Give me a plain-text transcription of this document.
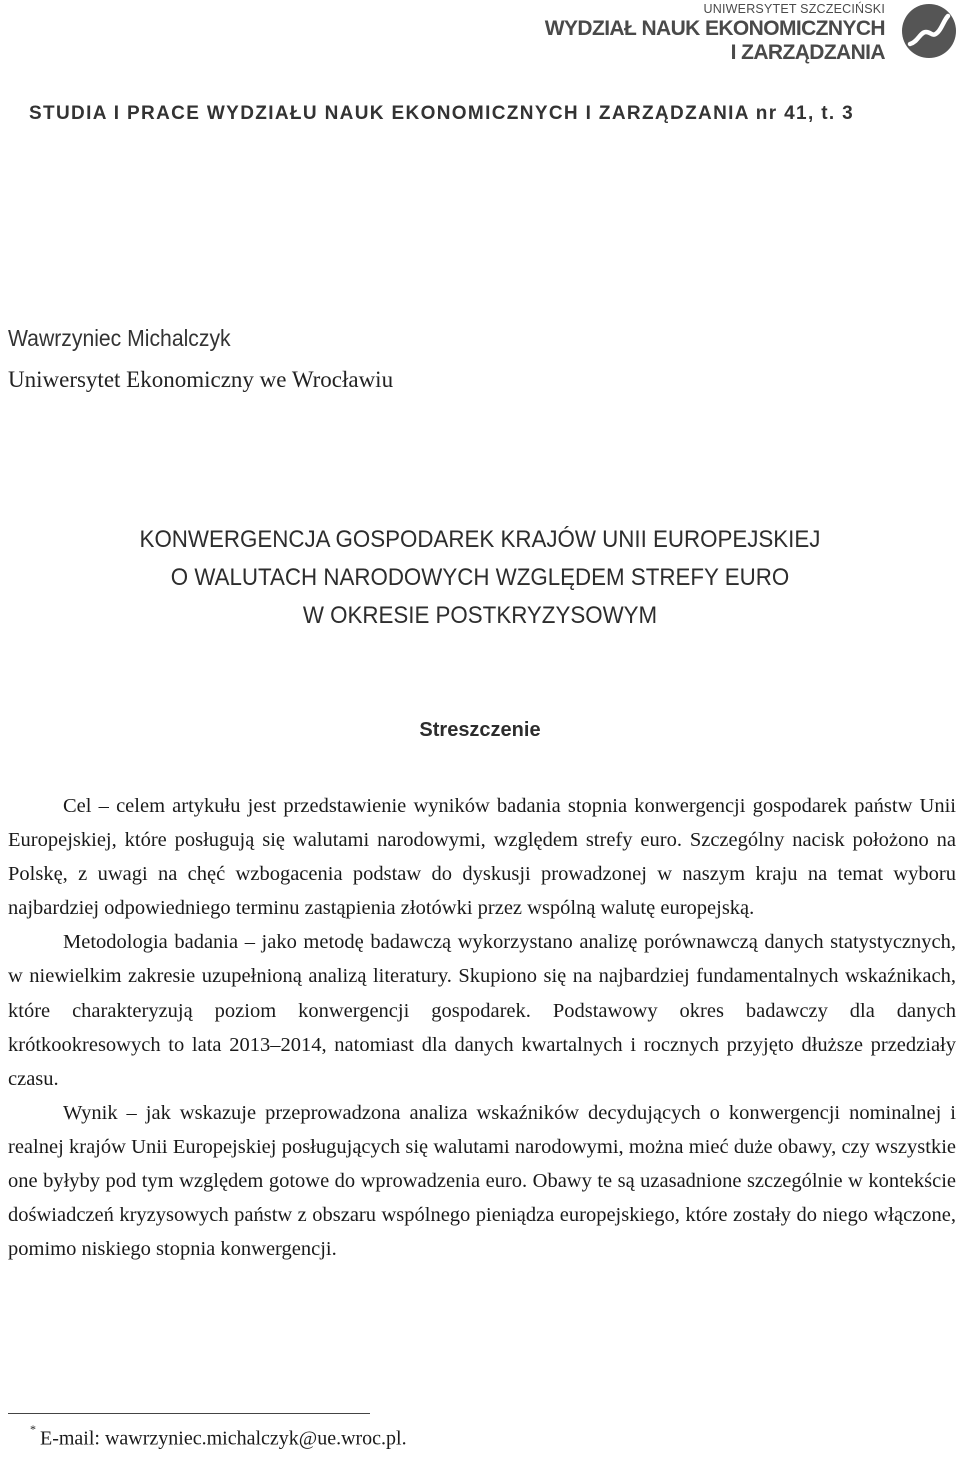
UNIWERSYTET SZCZECIŃSKI
WYDZIAŁ NAUK EKONOMICZNYCH
I ZARZĄDZANIA
STUDIA I PRACE WYDZIAŁU NAUK EKONOMICZNYCH I ZARZĄDZANIA nr 41, t. 3
Wawrzyniec Michalczyk
Uniwersytet Ekonomiczny we Wrocławiu
KONWERGENCJA GOSPODAREK KRAJÓW UNII EUROPEJSKIEJ
O WALUTACH NARODOWYCH WZGLĘDEM STREFY EURO
W OKRESIE POSTKRYZYSOWYM
Streszczenie

Cel – celem artykułu jest przedstawienie wyników badania stopnia konwergencji gospodarek państw Unii Europejskiej, które posługują się walutami narodowymi, względem strefy euro. Szczególny nacisk położono na Polskę, z uwagi na chęć wzbogacenia podstaw do dyskusji prowadzonej w naszym kraju na temat wyboru najbardziej odpowiedniego terminu zastąpienia złotówki przez wspólną walutę europejską.

Metodologia badania – jako metodę badawczą wykorzystano analizę porównawczą danych statystycznych, w niewielkim zakresie uzupełnioną analizą literatury. Skupiono się na najbardziej fundamentalnych wskaźnikach, które charakteryzują poziom konwergencji gospodarek. Podstawowy okres badawczy dla danych krótkookresowych to lata 2013–2014, natomiast dla danych kwartalnych i rocznych przyjęto dłuższe przedziały czasu.

Wynik – jak wskazuje przeprowadzona analiza wskaźników decydujących o konwergencji nominalnej i realnej krajów Unii Europejskiej posługujących się walutami narodowymi, można mieć duże obawy, czy wszystkie one byłyby pod tym względem gotowe do wprowadzenia euro. Obawy te są uzasadnione szczególnie w kontekście doświadczeń kryzysowych państw z obszaru wspólnego pieniądza europejskiego, które zostały do niego włączone, pomimo niskiego stopnia konwergencji.

* E-mail: wawrzyniec.michalczyk@ue.wroc.pl.
